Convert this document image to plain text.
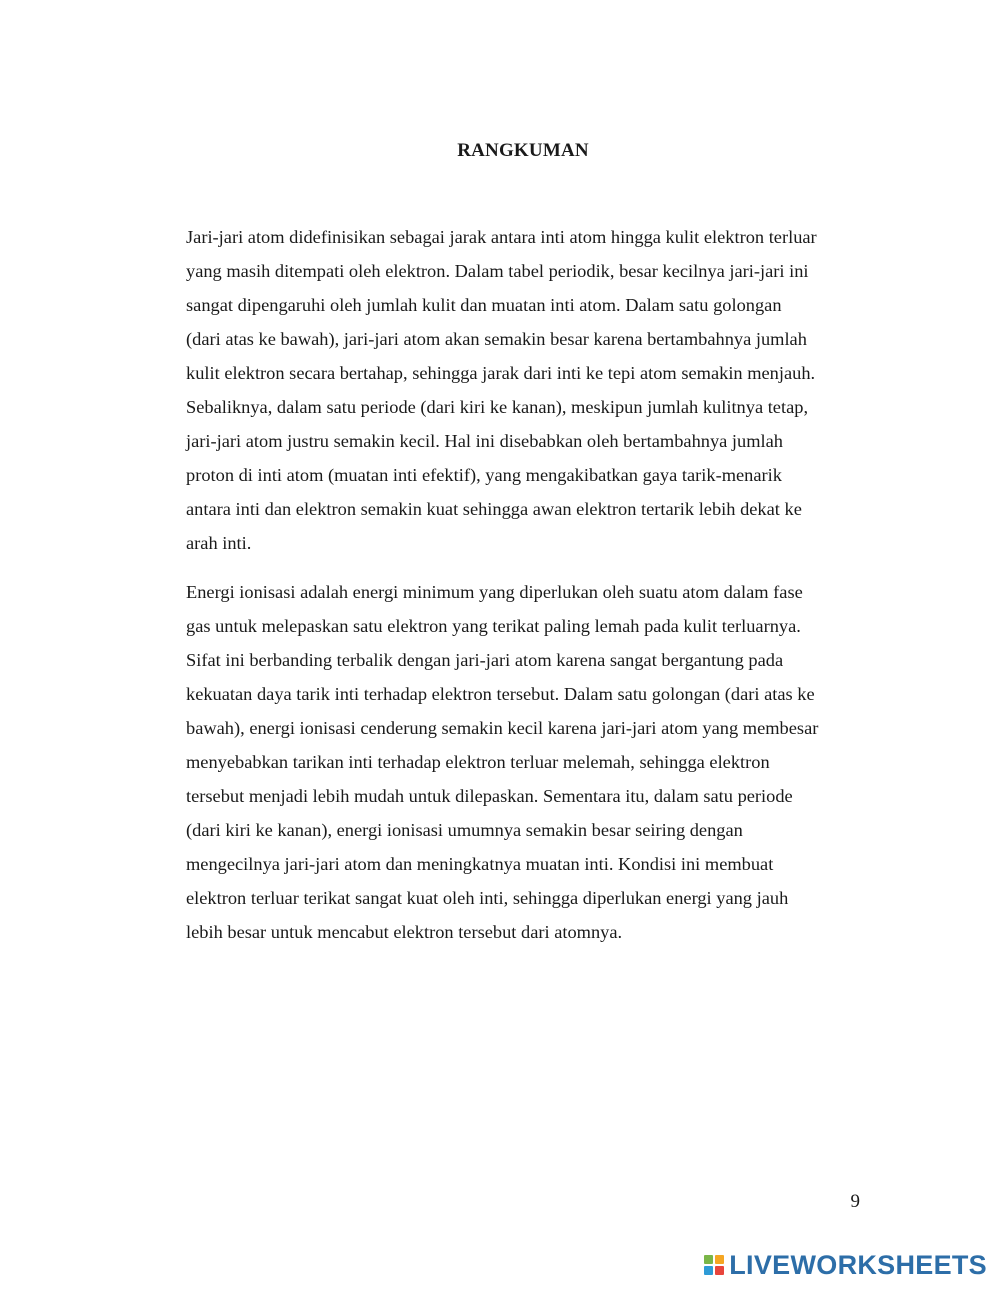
RANGKUMAN
Jari-jari atom didefinisikan sebagai jarak antara inti atom hingga kulit elektron terluar
yang masih ditempati oleh elektron. Dalam tabel periodik, besar kecilnya jari-jari ini
sangat dipengaruhi oleh jumlah kulit dan muatan inti atom. Dalam satu golongan
(dari atas ke bawah), jari-jari atom akan semakin besar karena bertambahnya jumlah
kulit elektron secara bertahap, sehingga jarak dari inti ke tepi atom semakin menjauh.
Sebaliknya, dalam satu periode (dari kiri ke kanan), meskipun jumlah kulitnya tetap,
jari-jari atom justru semakin kecil. Hal ini disebabkan oleh bertambahnya jumlah
proton di inti atom (muatan inti efektif), yang mengakibatkan gaya tarik-menarik
antara inti dan elektron semakin kuat sehingga awan elektron tertarik lebih dekat ke
arah inti.
Energi ionisasi adalah energi minimum yang diperlukan oleh suatu atom dalam fase
gas untuk melepaskan satu elektron yang terikat paling lemah pada kulit terluarnya.
Sifat ini berbanding terbalik dengan jari-jari atom karena sangat bergantung pada
kekuatan daya tarik inti terhadap elektron tersebut. Dalam satu golongan (dari atas ke
bawah), energi ionisasi cenderung semakin kecil karena jari-jari atom yang membesar
menyebabkan tarikan inti terhadap elektron terluar melemah, sehingga elektron
tersebut menjadi lebih mudah untuk dilepaskan. Sementara itu, dalam satu periode
(dari kiri ke kanan), energi ionisasi umumnya semakin besar seiring dengan
mengecilnya jari-jari atom dan meningkatnya muatan inti. Kondisi ini membuat
elektron terluar terikat sangat kuat oleh inti, sehingga diperlukan energi yang jauh
lebih besar untuk mencabut elektron tersebut dari atomnya.
9
LIVEWORKSHEETS
